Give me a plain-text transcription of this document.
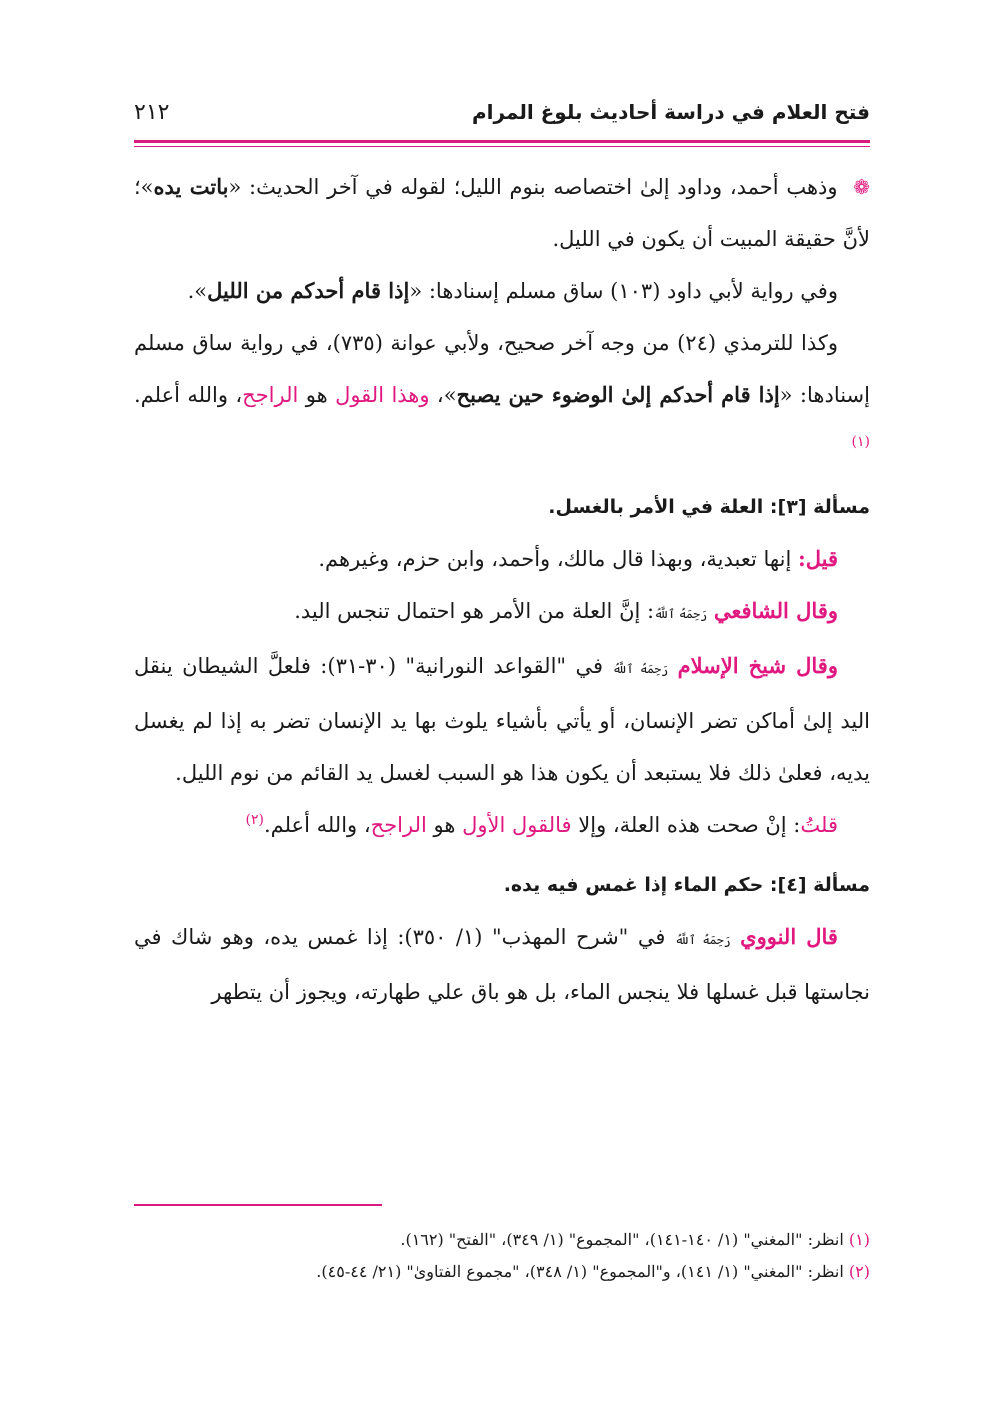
فتح العلام في دراسة أحاديث بلوغ المرام
٢١٢

❁ وذهب أحمد، وداود إلىٰ اختصاصه بنوم الليل؛ لقوله في آخر الحديث: «باتت يده»؛ لأنَّ حقيقة المبيت أن يكون في الليل.

وفي رواية لأبي داود (١٠٣) ساق مسلم إسنادها: «إذا قام أحدكم من الليل».

وكذا للترمذي (٢٤) من وجه آخر صحيح، ولأبي عوانة (٧٣٥)، في رواية ساق مسلم إسنادها: «إذا قام أحدكم إلىٰ الوضوء حين يصبح»، وهذا القول هو الراجح، والله أعلم.$^{(١)}$

مسألة [٣]: العلة في الأمر بالغسل.

قيل: إنها تعبدية، وبهذا قال مالك، وأحمد، وابن حزم، وغيرهم.

وقال الشافعي رَحِمَهُ ٱللَّهُ: إنَّ العلة من الأمر هو احتمال تنجس اليد.

وقال شيخ الإسلام رَحِمَهُ ٱللَّهُ في "القواعد النورانية" (٣٠-٣١): فلعلَّ الشيطان ينقل اليد إلىٰ أماكن تضر الإنسان، أو يأتي بأشياء يلوث بها يد الإنسان تضر به إذا لم يغسل يديه، فعلىٰ ذلك فلا يستبعد أن يكون هذا هو السبب لغسل يد القائم من نوم الليل.

قلتُ: إنْ صحت هذه العلة، وإلا فالقول الأول هو الراجح، والله أعلم.$^{(٢)}$

مسألة [٤]: حكم الماء إذا غمس فيه يده.

قال النووي رَحِمَهُ ٱللَّهُ في "شرح المهذب" (١/ ٣٥٠): إذا غمس يده، وهو شاك في نجاستها قبل غسلها فلا ينجس الماء، بل هو باق علي طهارته، ويجوز أن يتطهر

(١) انظر: "المغني" (١/ ١٤٠-١٤١)، "المجموع" (١/ ٣٤٩)، "الفتح" (١٦٢).
(٢) انظر: "المغني" (١/ ١٤١)، و"المجموع" (١/ ٣٤٨)، "مجموع الفتاوىٰ" (٢١/ ٤٤-٤٥).
